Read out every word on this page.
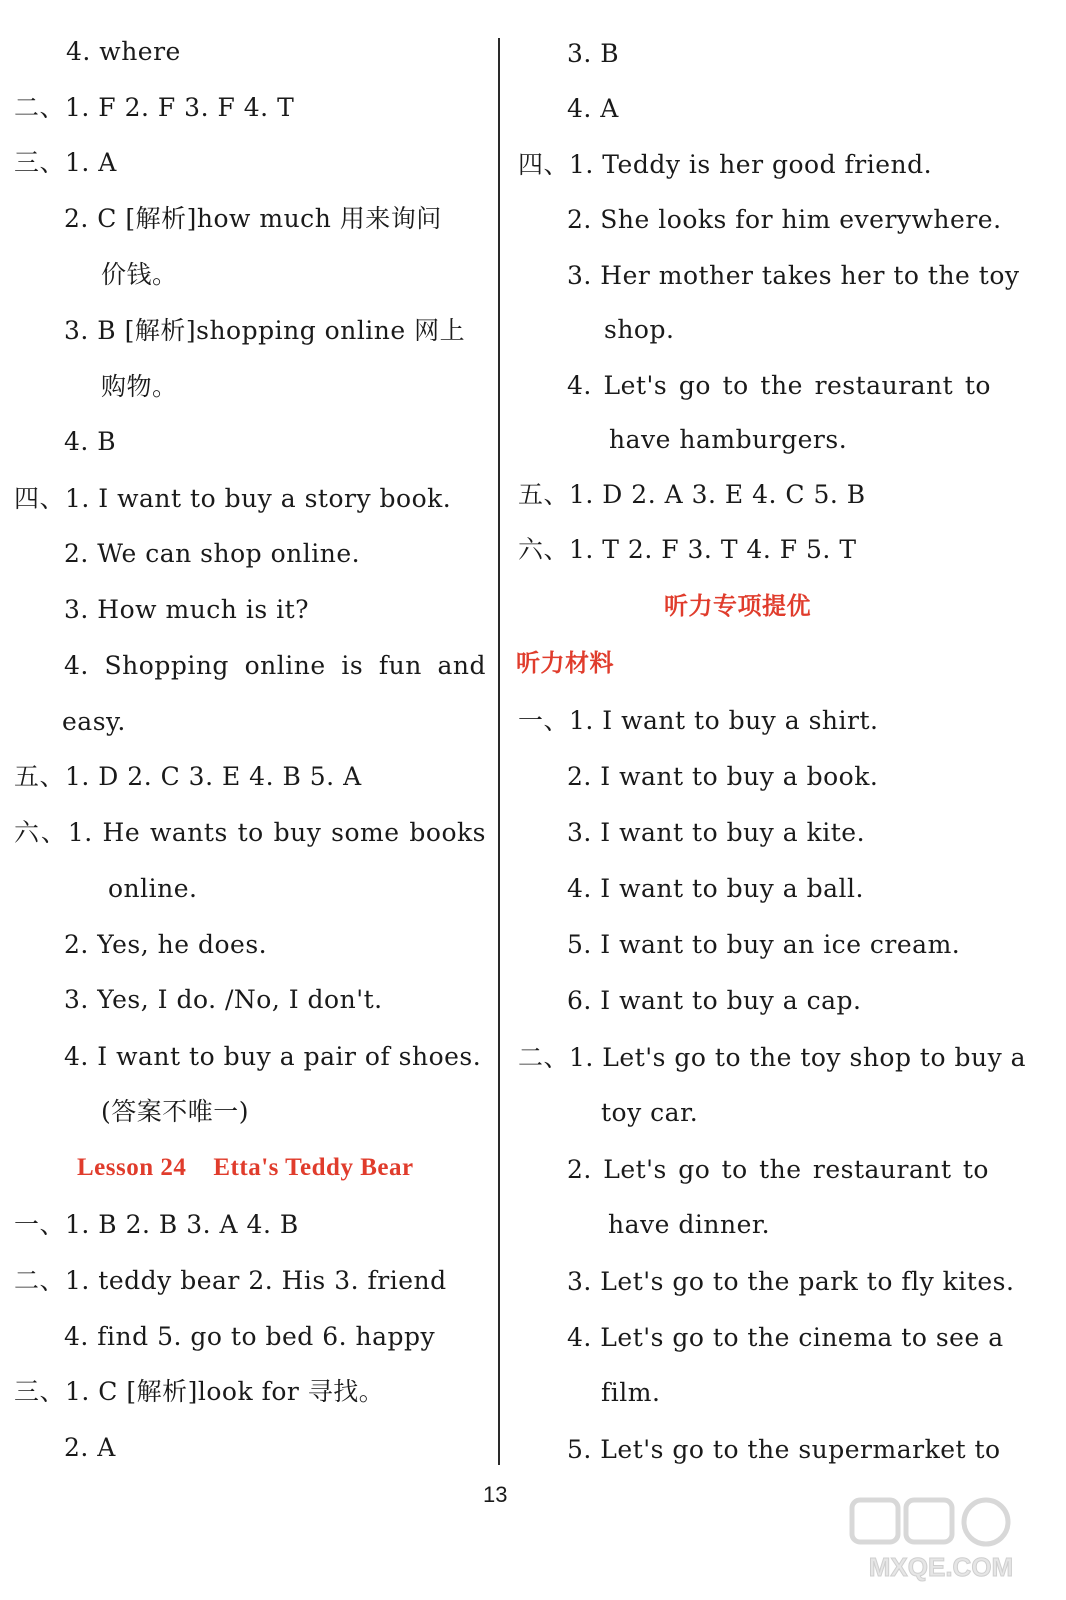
4. where
二、1. F 2. F 3. F 4. T
三、1. A
2. C [解析]how much 用来询问
价钱。
3. B [解析]shopping online 网上
购物。
4. B
四、1. I want to buy a story book.
2. We can shop online.
3. How much is it?
4. Shopping online is fun and
easy.
五、1. D 2. C 3. E 4. B 5. A
六、1. He wants to buy some books
online.
2. Yes, he does.
3. Yes, I do. /No, I don't.
4. I want to buy a pair of shoes.
(答案不唯一)
Lesson 24    Etta's Teddy Bear
一、1. B 2. B 3. A 4. B
二、1. teddy bear 2. His 3. friend
4. find 5. go to bed 6. happy
三、1. C [解析]look for 寻找。
2. A
3. B
4. A
四、1. Teddy is her good friend.
2. She looks for him everywhere.
3. Her mother takes her to the toy
shop.
4. Let's go to the restaurant to
have hamburgers.
五、1. D 2. A 3. E 4. C 5. B
六、1. T 2. F 3. T 4. F 5. T
听力专项提优
听力材料
一、1. I want to buy a shirt.
2. I want to buy a book.
3. I want to buy a kite.
4. I want to buy a ball.
5. I want to buy an ice cream.
6. I want to buy a cap.
二、1. Let's go to the toy shop to buy a
toy car.
2. Let's go to the restaurant to
have dinner.
3. Let's go to the park to fly kites.
4. Let's go to the cinema to see a
film.
5. Let's go to the supermarket to
13
MXQE.COM
